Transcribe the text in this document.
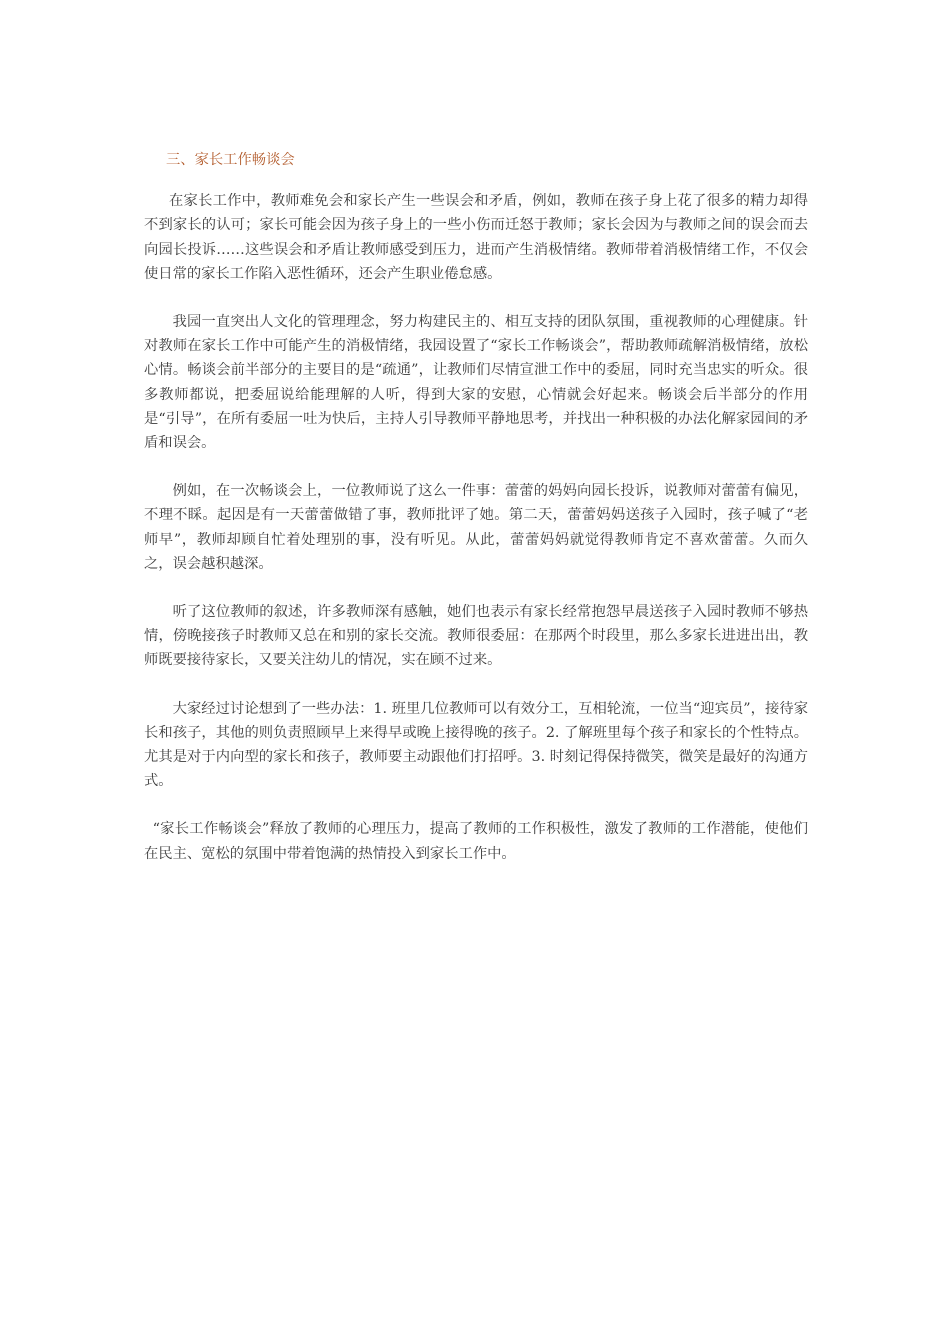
三、家长工作畅谈会

在家长工作中，教师难免会和家长产生一些误会和矛盾，例如，教师在孩子身上花了很多的精力却得不到家长的认可；家长可能会因为孩子身上的一些小伤而迁怒于教师；家长会因为与教师之间的误会而去向园长投诉……这些误会和矛盾让教师感受到压力，进而产生消极情绪。教师带着消极情绪工作，不仅会使日常的家长工作陷入恶性循环，还会产生职业倦怠感。

我园一直突出人文化的管理理念，努力构建民主的、相互支持的团队氛围，重视教师的心理健康。针对教师在家长工作中可能产生的消极情绪，我园设置了“家长工作畅谈会”，帮助教师疏解消极情绪，放松心情。畅谈会前半部分的主要目的是“疏通”，让教师们尽情宣泄工作中的委屈，同时充当忠实的听众。很多教师都说，把委屈说给能理解的人听，得到大家的安慰，心情就会好起来。畅谈会后半部分的作用是“引导”，在所有委屈一吐为快后，主持人引导教师平静地思考，并找出一种积极的办法化解家园间的矛盾和误会。

例如，在一次畅谈会上，一位教师说了这么一件事：蕾蕾的妈妈向园长投诉，说教师对蕾蕾有偏见，不理不睬。起因是有一天蕾蕾做错了事，教师批评了她。第二天，蕾蕾妈妈送孩子入园时，孩子喊了“老师早”，教师却顾自忙着处理别的事，没有听见。从此，蕾蕾妈妈就觉得教师肯定不喜欢蕾蕾。久而久之，误会越积越深。

听了这位教师的叙述，许多教师深有感触，她们也表示有家长经常抱怨早晨送孩子入园时教师不够热情，傍晚接孩子时教师又总在和别的家长交流。教师很委屈：在那两个时段里，那么多家长进进出出，教师既要接待家长，又要关注幼儿的情况，实在顾不过来。

大家经过讨论想到了一些办法：1. 班里几位教师可以有效分工，互相轮流，一位当“迎宾员”，接待家长和孩子，其他的则负责照顾早上来得早或晚上接得晚的孩子。2. 了解班里每个孩子和家长的个性特点。尤其是对于内向型的家长和孩子，教师要主动跟他们打招呼。3. 时刻记得保持微笑，微笑是最好的沟通方式。

“家长工作畅谈会”释放了教师的心理压力，提高了教师的工作积极性，激发了教师的工作潜能，使他们在民主、宽松的氛围中带着饱满的热情投入到家长工作中。
